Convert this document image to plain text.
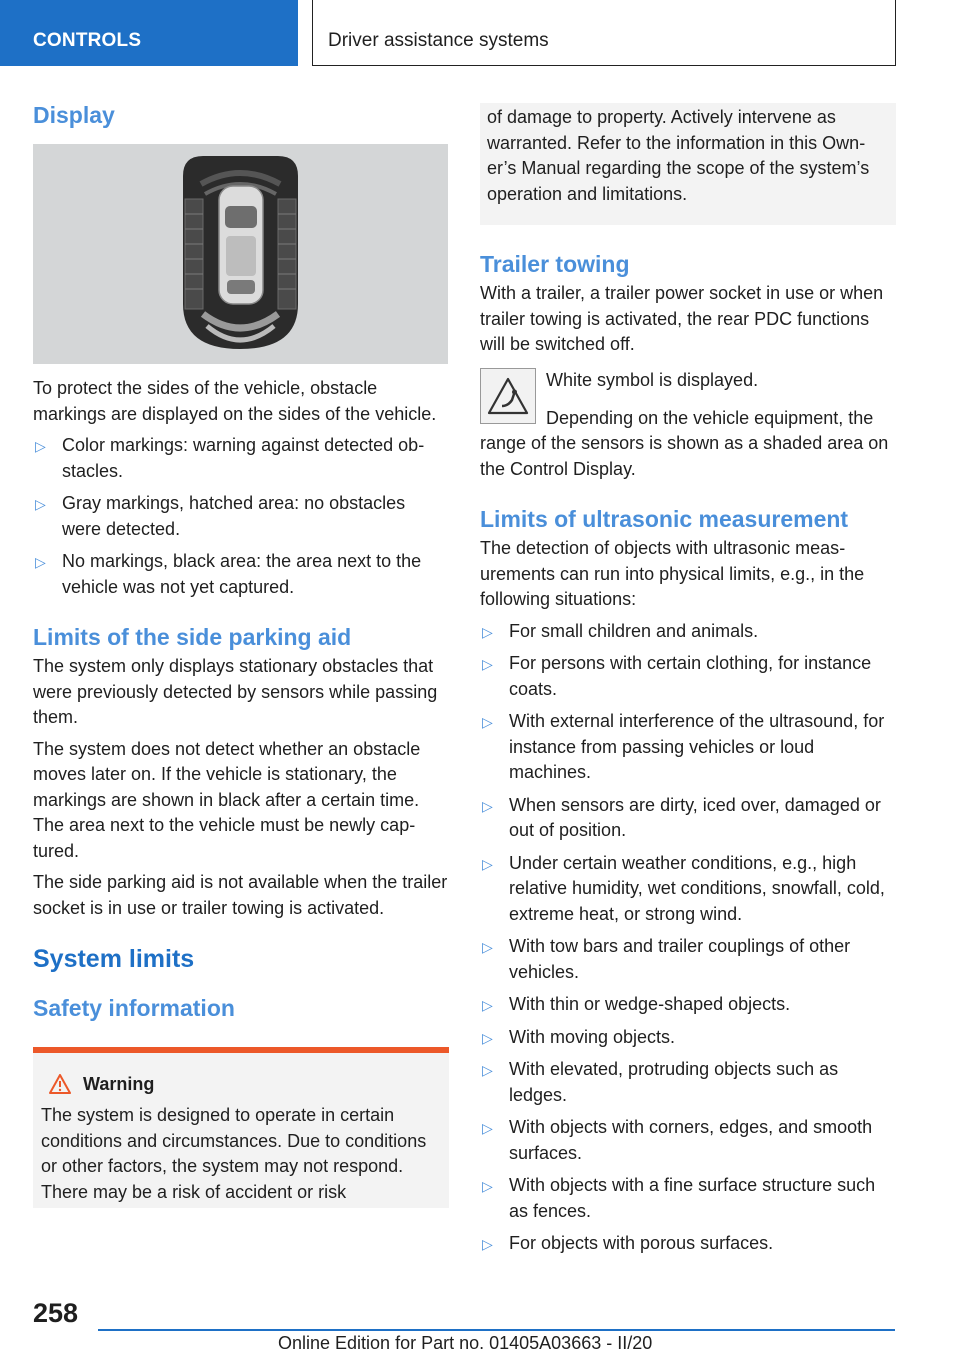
CONTROLS	Driver assistance systems
Display

To protect the sides of the vehicle, obstacle markings are displayed on the sides of the vehicle.

▷ Color markings: warning against detected obstacles.
▷ Gray markings, hatched area: no obstacles were detected.
▷ No markings, black area: the area next to the vehicle was not yet captured.
Limits of the side parking aid

The system only displays stationary obstacles that were previously detected by sensors while passing them.

The system does not detect whether an obstacle moves later on. If the vehicle is stationary, the markings are shown in black after a certain time. The area next to the vehicle must be newly captured.

The side parking aid is not available when the trailer socket is in use or trailer towing is activated.

System limits
Safety information
Warning

The system is designed to operate in certain conditions and circumstances. Due to conditions or other factors, the system may not respond. There may be a risk of accident or risk

of damage to property. Actively intervene as warranted. Refer to the information in this Owner’s Manual regarding the scope of the system’s operation and limitations.
Trailer towing

With a trailer, a trailer power socket in use or when trailer towing is activated, the rear PDC functions will be switched off.

White symbol is displayed.

Depending on the vehicle equipment, the range of the sensors is shown as a shaded area on the Control Display.

Limits of ultrasonic measurement

The detection of objects with ultrasonic measurements can run into physical limits, e.g., in the following situations:

▷ For small children and animals.
▷ For persons with certain clothing, for instance coats.
▷ With external interference of the ultrasound, for instance from passing vehicles or loud machines.
▷ When sensors are dirty, iced over, damaged or out of position.
▷ Under certain weather conditions, e.g., high relative humidity, wet conditions, snowfall, cold, extreme heat, or strong wind.
▷ With tow bars and trailer couplings of other vehicles.
▷ With thin or wedge-shaped objects.
▷ With moving objects.
▷ With elevated, protruding objects such as ledges.
▷ With objects with corners, edges, and smooth surfaces.
▷ With objects with a fine surface structure such as fences.
▷ For objects with porous surfaces.
258
Online Edition for Part no. 01405A03663 - II/20
